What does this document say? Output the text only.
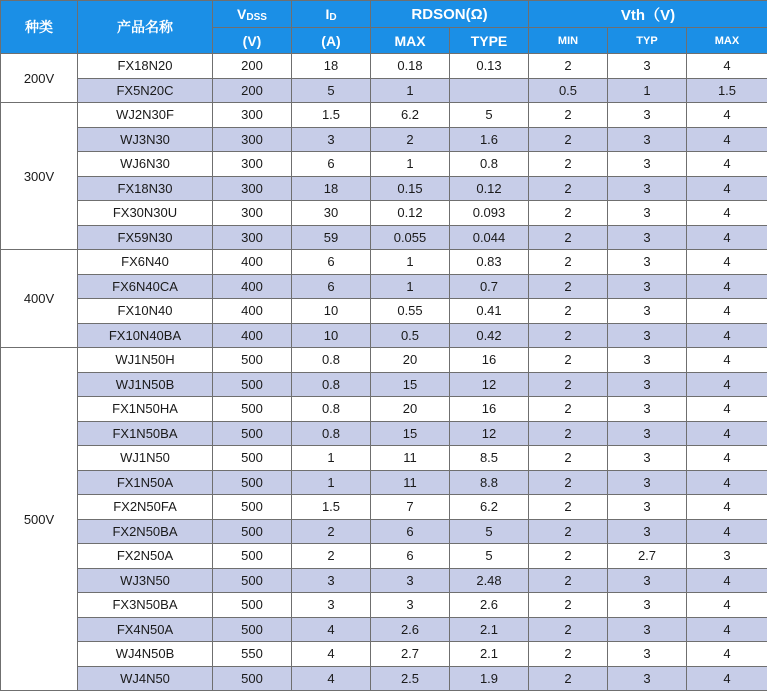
种类	产品名称	VDSS	ID	RDSON(Ω)		Vth（V)		
		(V)	(A)	MAX	TYPE	MIN	TYP	MAX
200V	FX18N20	200	18	0.18	0.13	2	3	4
	FX5N20C	200	5	1		0.5	1	1.5
300V	WJ2N30F	300	1.5	6.2	5	2	3	4
	WJ3N30	300	3	2	1.6	2	3	4
	WJ6N30	300	6	1	0.8	2	3	4
	FX18N30	300	18	0.15	0.12	2	3	4
	FX30N30U	300	30	0.12	0.093	2	3	4
	FX59N30	300	59	0.055	0.044	2	3	4
400V	FX6N40	400	6	1	0.83	2	3	4
	FX6N40CA	400	6	1	0.7	2	3	4
	FX10N40	400	10	0.55	0.41	2	3	4
	FX10N40BA	400	10	0.5	0.42	2	3	4
500V	WJ1N50H	500	0.8	20	16	2	3	4
	WJ1N50B	500	0.8	15	12	2	3	4
	FX1N50HA	500	0.8	20	16	2	3	4
	FX1N50BA	500	0.8	15	12	2	3	4
	WJ1N50	500	1	11	8.5	2	3	4
	FX1N50A	500	1	11	8.8	2	3	4
	FX2N50FA	500	1.5	7	6.2	2	3	4
	FX2N50BA	500	2	6	5	2	3	4
	FX2N50A	500	2	6	5	2	2.7	3
	WJ3N50	500	3	3	2.48	2	3	4
	FX3N50BA	500	3	3	2.6	2	3	4
	FX4N50A	500	4	2.6	2.1	2	3	4
	WJ4N50B	550	4	2.7	2.1	2	3	4
	WJ4N50	500	4	2.5	1.9	2	3	4
